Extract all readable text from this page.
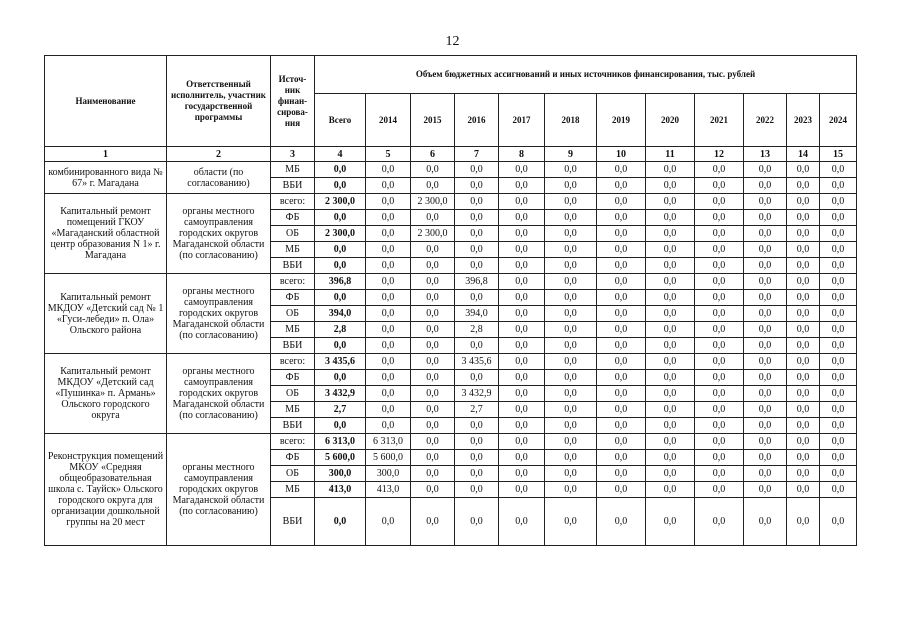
12
Наименование	Ответственный исполнитель, участник государственной программы	Источ-ник финан-сирова-ния	Объем бюджетных ассигнований и иных источников финансирования, тыс. рублей											
			Всего	2014	2015	2016	2017	2018	2019	2020	2021	2022	2023	2024
1	2	3	4	5	6	7	8	9	10	11	12	13	14	15
комбинированного вида № 67» г. Магадана	области (по согласованию)	МБ	0,0	0,0	0,0	0,0	0,0	0,0	0,0	0,0	0,0	0,0	0,0	0,0
		ВБИ	0,0	0,0	0,0	0,0	0,0	0,0	0,0	0,0	0,0	0,0	0,0	0,0
Капитальный ремонт помещений ГКОУ «Магаданский областной центр образования N 1» г. Магадана	органы местного самоуправления городских округов Магаданской области (по согласованию)	всего:	2 300,0	0,0	2 300,0	0,0	0,0	0,0	0,0	0,0	0,0	0,0	0,0	0,0
		ФБ	0,0	0,0	0,0	0,0	0,0	0,0	0,0	0,0	0,0	0,0	0,0	0,0
		ОБ	2 300,0	0,0	2 300,0	0,0	0,0	0,0	0,0	0,0	0,0	0,0	0,0	0,0
		МБ	0,0	0,0	0,0	0,0	0,0	0,0	0,0	0,0	0,0	0,0	0,0	0,0
		ВБИ	0,0	0,0	0,0	0,0	0,0	0,0	0,0	0,0	0,0	0,0	0,0	0,0
Капитальный ремонт МКДОУ «Детский сад № 1 «Гуси-лебеди» п. Ола» Ольского района	органы местного самоуправления городских округов Магаданской области (по согласованию)	всего:	396,8	0,0	0,0	396,8	0,0	0,0	0,0	0,0	0,0	0,0	0,0	0,0
		ФБ	0,0	0,0	0,0	0,0	0,0	0,0	0,0	0,0	0,0	0,0	0,0	0,0
		ОБ	394,0	0,0	0,0	394,0	0,0	0,0	0,0	0,0	0,0	0,0	0,0	0,0
		МБ	2,8	0,0	0,0	2,8	0,0	0,0	0,0	0,0	0,0	0,0	0,0	0,0
		ВБИ	0,0	0,0	0,0	0,0	0,0	0,0	0,0	0,0	0,0	0,0	0,0	0,0
Капитальный ремонт МКДОУ «Детский сад «Пушинка» п. Армань» Ольского городского округа	органы местного самоуправления городских округов Магаданской области (по согласованию)	всего:	3 435,6	0,0	0,0	3 435,6	0,0	0,0	0,0	0,0	0,0	0,0	0,0	0,0
		ФБ	0,0	0,0	0,0	0,0	0,0	0,0	0,0	0,0	0,0	0,0	0,0	0,0
		ОБ	3 432,9	0,0	0,0	3 432,9	0,0	0,0	0,0	0,0	0,0	0,0	0,0	0,0
		МБ	2,7	0,0	0,0	2,7	0,0	0,0	0,0	0,0	0,0	0,0	0,0	0,0
		ВБИ	0,0	0,0	0,0	0,0	0,0	0,0	0,0	0,0	0,0	0,0	0,0	0,0
Реконструкция помещений МКОУ «Средняя общеобразовательная школа с. Тауйск» Ольского городского округа для организации дошкольной группы на 20 мест	органы местного самоуправления городских округов Магаданской области (по согласованию)	всего:	6 313,0	6 313,0	0,0	0,0	0,0	0,0	0,0	0,0	0,0	0,0	0,0	0,0
		ФБ	5 600,0	5 600,0	0,0	0,0	0,0	0,0	0,0	0,0	0,0	0,0	0,0	0,0
		ОБ	300,0	300,0	0,0	0,0	0,0	0,0	0,0	0,0	0,0	0,0	0,0	0,0
		МБ	413,0	413,0	0,0	0,0	0,0	0,0	0,0	0,0	0,0	0,0	0,0	0,0
		ВБИ	0,0	0,0	0,0	0,0	0,0	0,0	0,0	0,0	0,0	0,0	0,0	0,0
